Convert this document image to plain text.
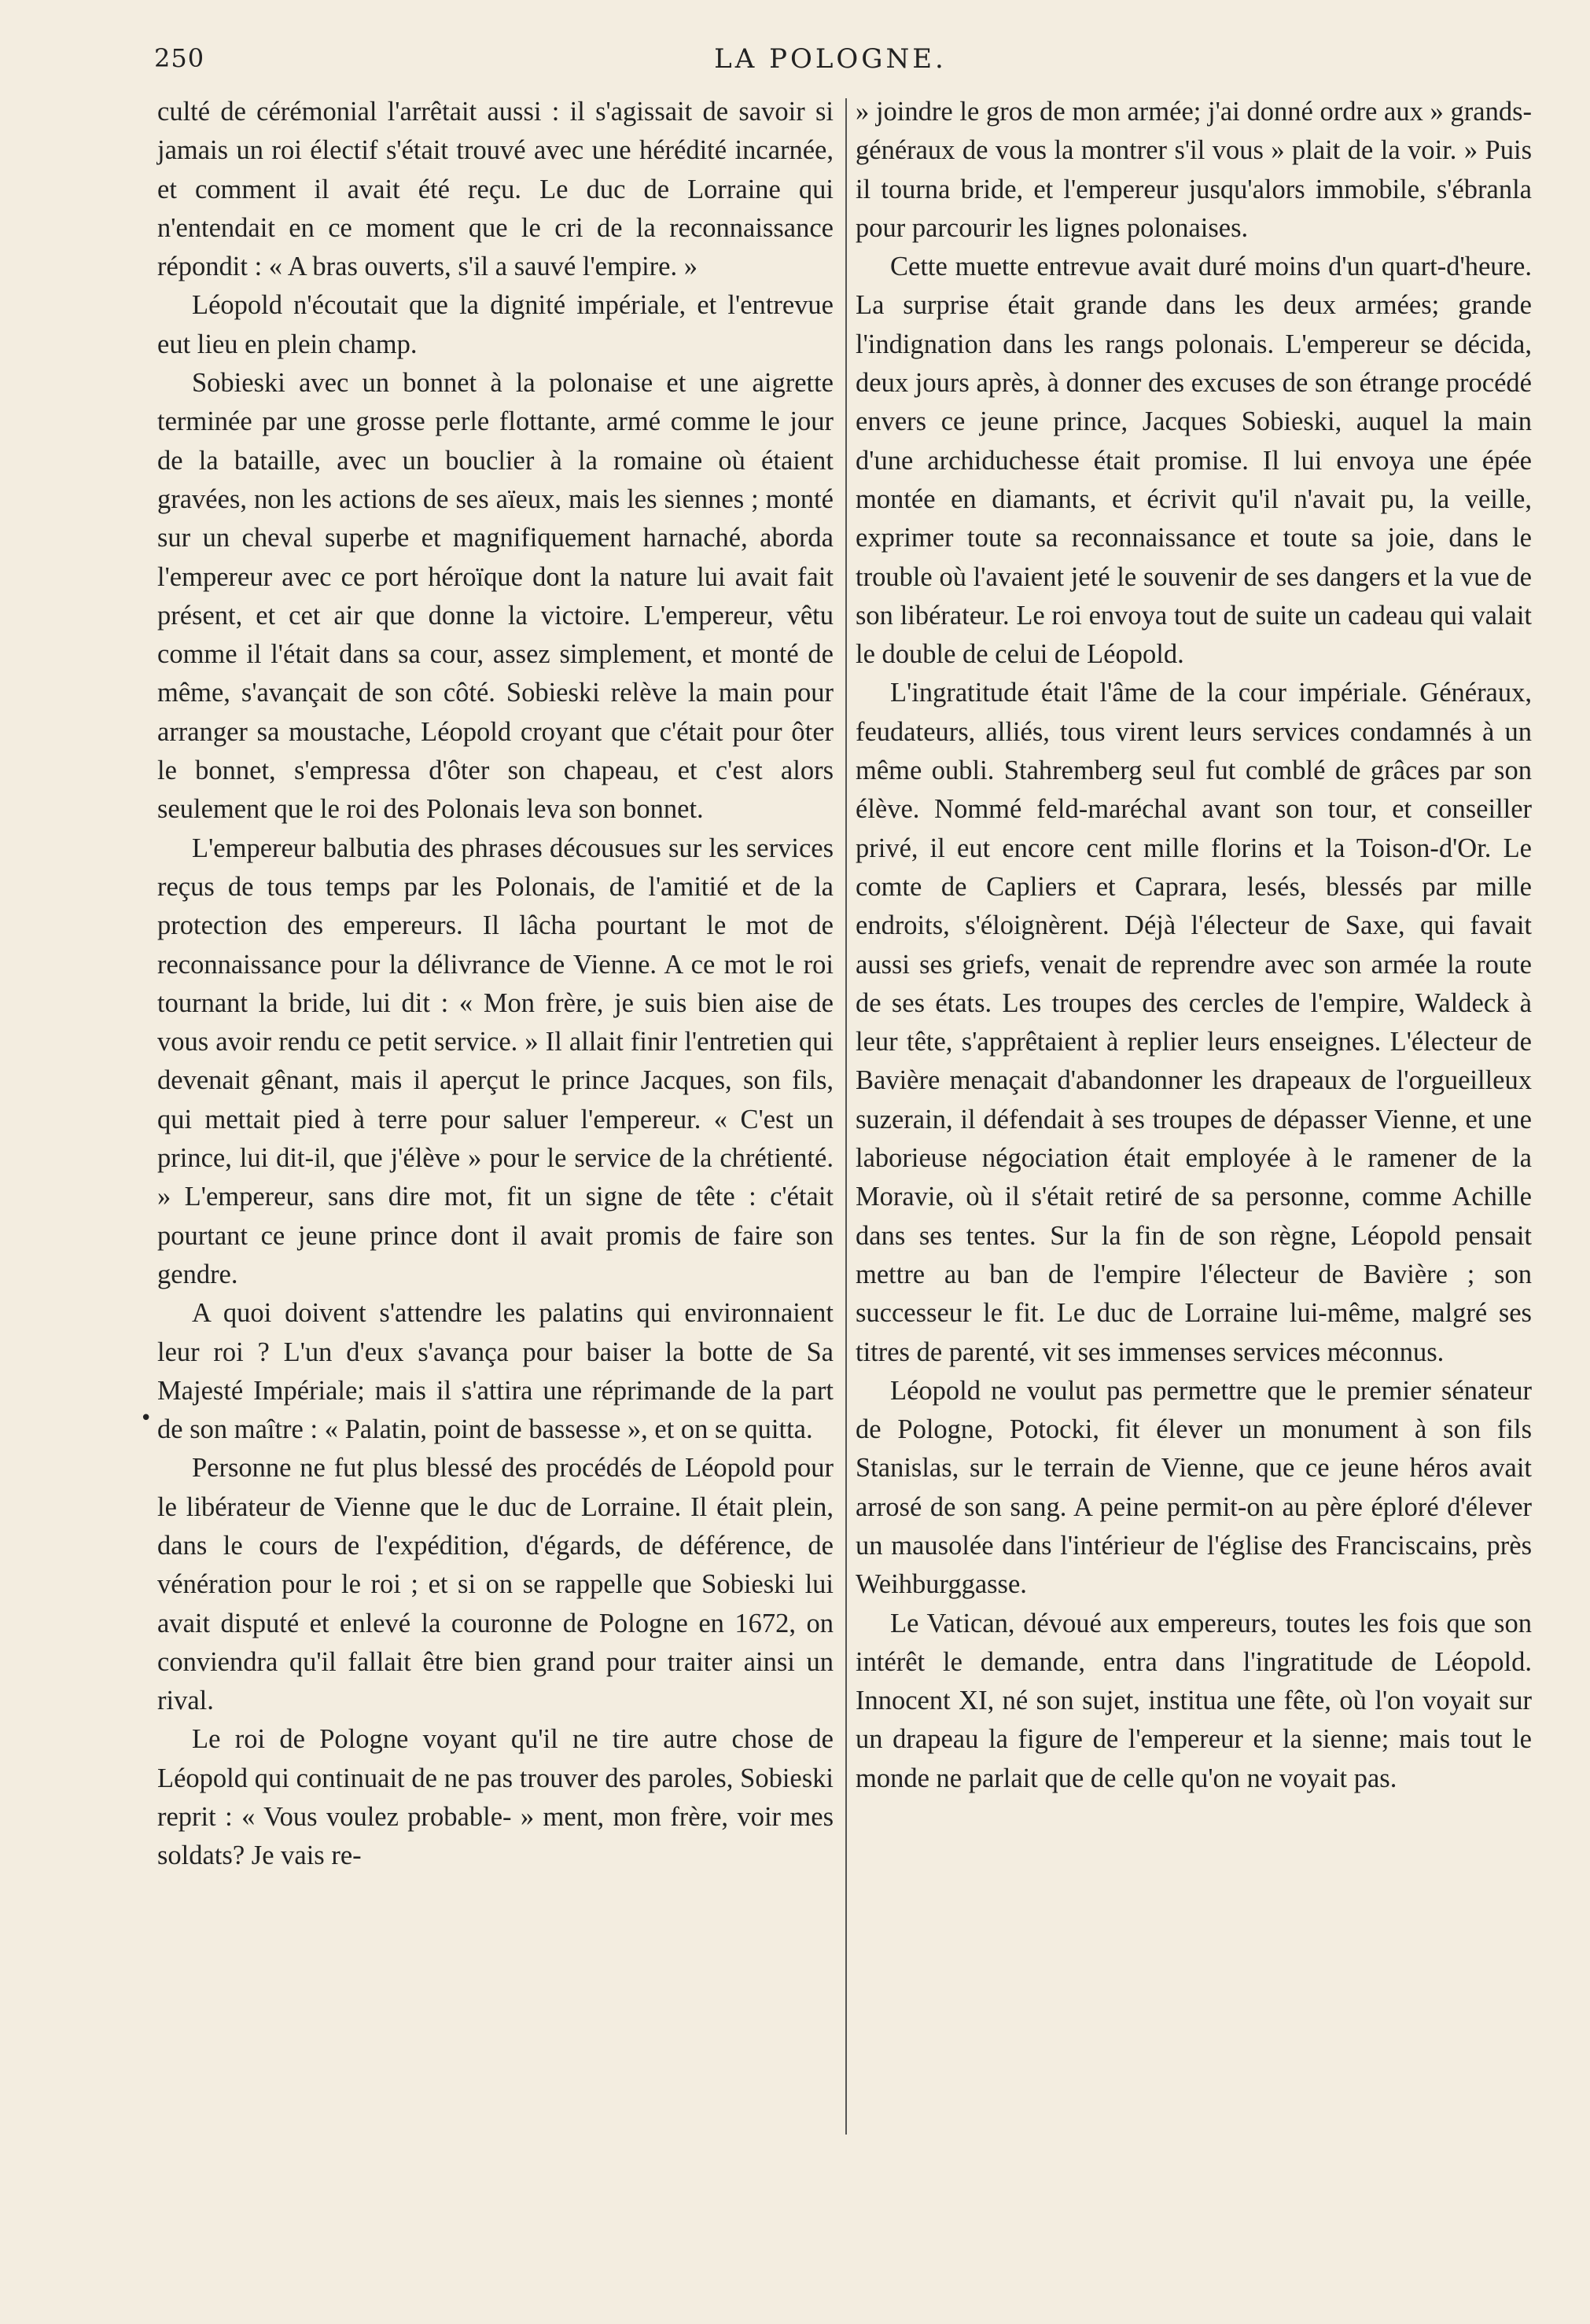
250	LA POLOGNE.

culté de cérémonial l'arrêtait aussi : il s'agissait de savoir si jamais un roi électif s'était trouvé avec une hérédité incarnée, et comment il avait été reçu. Le duc de Lorraine qui n'entendait en ce moment que le cri de la reconnaissance répondit : « A bras ouverts, s'il a sauvé l'empire. »

Léopold n'écoutait que la dignité impériale, et l'entrevue eut lieu en plein champ.

Sobieski avec un bonnet à la polonaise et une aigrette terminée par une grosse perle flottante, armé comme le jour de la bataille, avec un bouclier à la romaine où étaient gravées, non les actions de ses aïeux, mais les siennes ; monté sur un cheval superbe et magnifiquement harnaché, aborda l'empereur avec ce port héroïque dont la nature lui avait fait présent, et cet air que donne la victoire. L'empereur, vêtu comme il l'était dans sa cour, assez simplement, et monté de même, s'avançait de son côté. Sobieski relève la main pour arranger sa moustache, Léopold croyant que c'était pour ôter le bonnet, s'empressa d'ôter son chapeau, et c'est alors seulement que le roi des Polonais leva son bonnet.

L'empereur balbutia des phrases décousues sur les services reçus de tous temps par les Polonais, de l'amitié et de la protection des empereurs. Il lâcha pourtant le mot de reconnaissance pour la délivrance de Vienne. A ce mot le roi tournant la bride, lui dit : « Mon frère, je suis bien aise de vous avoir rendu ce petit service. » Il allait finir l'entretien qui devenait gênant, mais il aperçut le prince Jacques, son fils, qui mettait pied à terre pour saluer l'empereur. « C'est un prince, lui dit-il, que j'élève » pour le service de la chrétienté. » L'empereur, sans dire mot, fit un signe de tête : c'était pourtant ce jeune prince dont il avait promis de faire son gendre.

A quoi doivent s'attendre les palatins qui environnaient leur roi ? L'un d'eux s'avança pour baiser la botte de Sa Majesté Impériale; mais il s'attira une réprimande de la part de son maître : « Palatin, point de bassesse », et on se quitta.

Personne ne fut plus blessé des procédés de Léopold pour le libérateur de Vienne que le duc de Lorraine. Il était plein, dans le cours de l'expédition, d'égards, de déférence, de vénération pour le roi ; et si on se rappelle que Sobieski lui avait disputé et enlevé la couronne de Pologne en 1672, on conviendra qu'il fallait être bien grand pour traiter ainsi un rival.

Le roi de Pologne voyant qu'il ne tire autre chose de Léopold qui continuait de ne pas trouver des paroles, Sobieski reprit : « Vous voulez probable- » ment, mon frère, voir mes soldats? Je vais re-

•

» joindre le gros de mon armée; j'ai donné ordre aux » grands-généraux de vous la montrer s'il vous » plait de la voir. » Puis il tourna bride, et l'empereur jusqu'alors immobile, s'ébranla pour parcourir les lignes polonaises.

Cette muette entrevue avait duré moins d'un quart-d'heure. La surprise était grande dans les deux armées; grande l'indignation dans les rangs polonais. L'empereur se décida, deux jours après, à donner des excuses de son étrange procédé envers ce jeune prince, Jacques Sobieski, auquel la main d'une archiduchesse était promise. Il lui envoya une épée montée en diamants, et écrivit qu'il n'avait pu, la veille, exprimer toute sa reconnaissance et toute sa joie, dans le trouble où l'avaient jeté le souvenir de ses dangers et la vue de son libérateur. Le roi envoya tout de suite un cadeau qui valait le double de celui de Léopold.

L'ingratitude était l'âme de la cour impériale. Généraux, feudateurs, alliés, tous virent leurs services condamnés à un même oubli. Stahremberg seul fut comblé de grâces par son élève. Nommé feld-maréchal avant son tour, et conseiller privé, il eut encore cent mille florins et la Toison-d'Or. Le comte de Capliers et Caprara, lesés, blessés par mille endroits, s'éloignèrent. Déjà l'électeur de Saxe, qui favait aussi ses griefs, venait de reprendre avec son armée la route de ses états. Les troupes des cercles de l'empire, Waldeck à leur tête, s'apprêtaient à replier leurs enseignes. L'électeur de Bavière menaçait d'abandonner les drapeaux de l'orgueilleux suzerain, il défendait à ses troupes de dépasser Vienne, et une laborieuse négociation était employée à le ramener de la Moravie, où il s'était retiré de sa personne, comme Achille dans ses tentes. Sur la fin de son règne, Léopold pensait mettre au ban de l'empire l'électeur de Bavière ; son successeur le fit. Le duc de Lorraine lui-même, malgré ses titres de parenté, vit ses immenses services méconnus.

Léopold ne voulut pas permettre que le premier sénateur de Pologne, Potocki, fit élever un monument à son fils Stanislas, sur le terrain de Vienne, que ce jeune héros avait arrosé de son sang. A peine permit-on au père éploré d'élever un mausolée dans l'intérieur de l'église des Franciscains, près Weihburggasse.

Le Vatican, dévoué aux empereurs, toutes les fois que son intérêt le demande, entra dans l'ingratitude de Léopold. Innocent XI, né son sujet, institua une fête, où l'on voyait sur un drapeau la figure de l'empereur et la sienne; mais tout le monde ne parlait que de celle qu'on ne voyait pas.
